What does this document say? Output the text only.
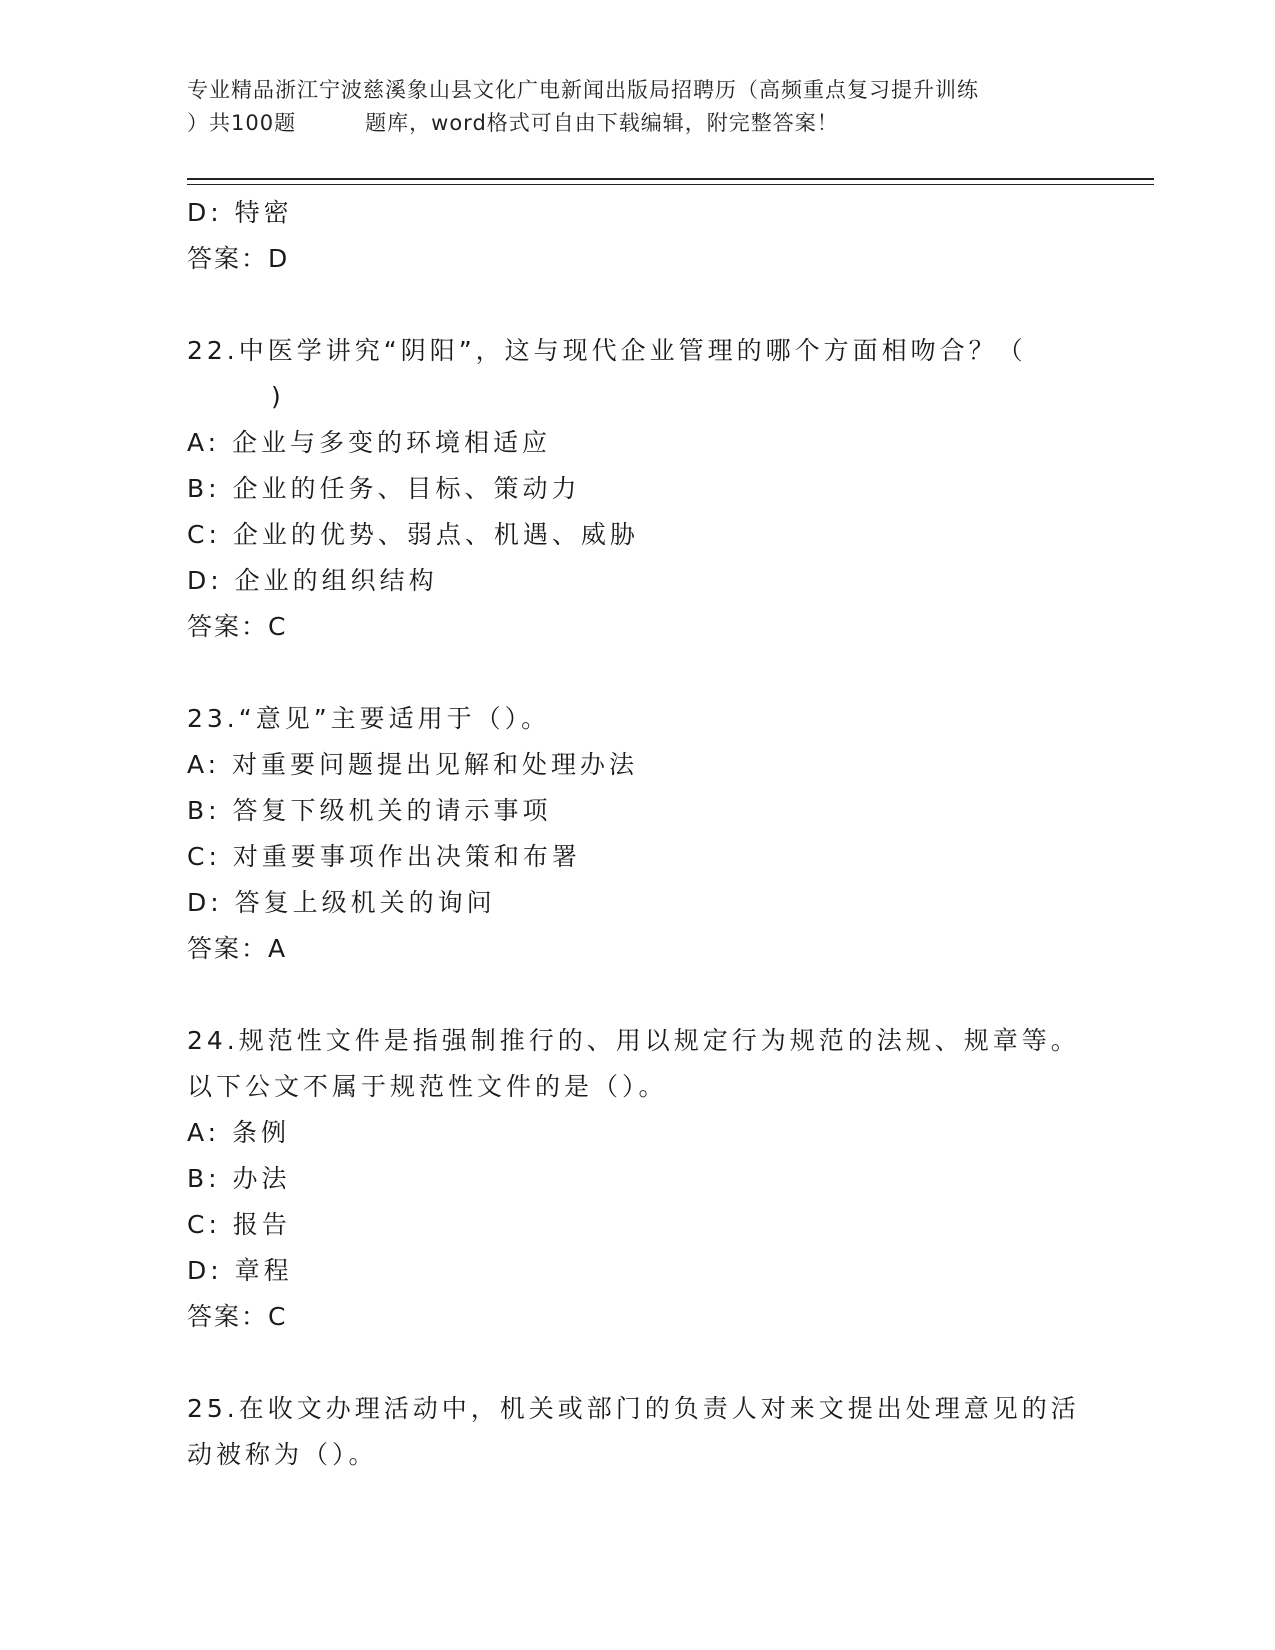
专业精品浙江宁波慈溪象山县文化广电新闻出版局招聘历（高频重点复习提升训练
）共100题         题库，word格式可自由下载编辑，附完整答案！
D: 特密
答案：D
22.中医学讲究“阴阳”，这与现代企业管理的哪个方面相吻合？（
)
A: 企业与多变的环境相适应
B: 企业的任务、目标、策动力
C: 企业的优势、弱点、机遇、威胁
D: 企业的组织结构
答案：C
23.“意见”主要适用于（）。
A: 对重要问题提出见解和处理办法
B: 答复下级机关的请示事项
C: 对重要事项作出决策和布署
D: 答复上级机关的询问
答案：A
24.规范性文件是指强制推行的、用以规定行为规范的法规、规章等。
以下公文不属于规范性文件的是（）。
A: 条例
B: 办法
C: 报告
D: 章程
答案：C
25.在收文办理活动中，机关或部门的负责人对来文提出处理意见的活
动被称为（）。
